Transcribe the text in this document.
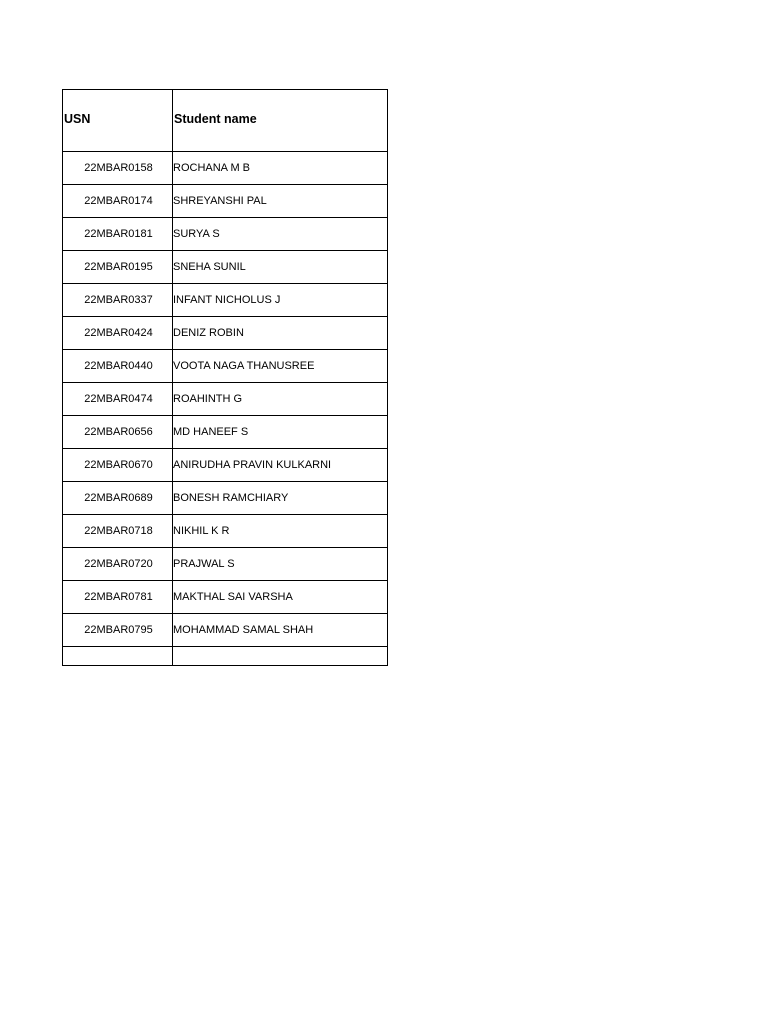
USN	Student name
22MBAR0158	ROCHANA M B
22MBAR0174	SHREYANSHI PAL
22MBAR0181	SURYA S
22MBAR0195	SNEHA SUNIL
22MBAR0337	INFANT NICHOLUS J
22MBAR0424	DENIZ ROBIN
22MBAR0440	VOOTA NAGA THANUSREE
22MBAR0474	ROAHINTH G
22MBAR0656	MD HANEEF S
22MBAR0670	ANIRUDHA PRAVIN KULKARNI
22MBAR0689	BONESH RAMCHIARY
22MBAR0718	NIKHIL K R
22MBAR0720	PRAJWAL S
22MBAR0781	MAKTHAL SAI VARSHA
22MBAR0795	MOHAMMAD SAMAL SHAH
